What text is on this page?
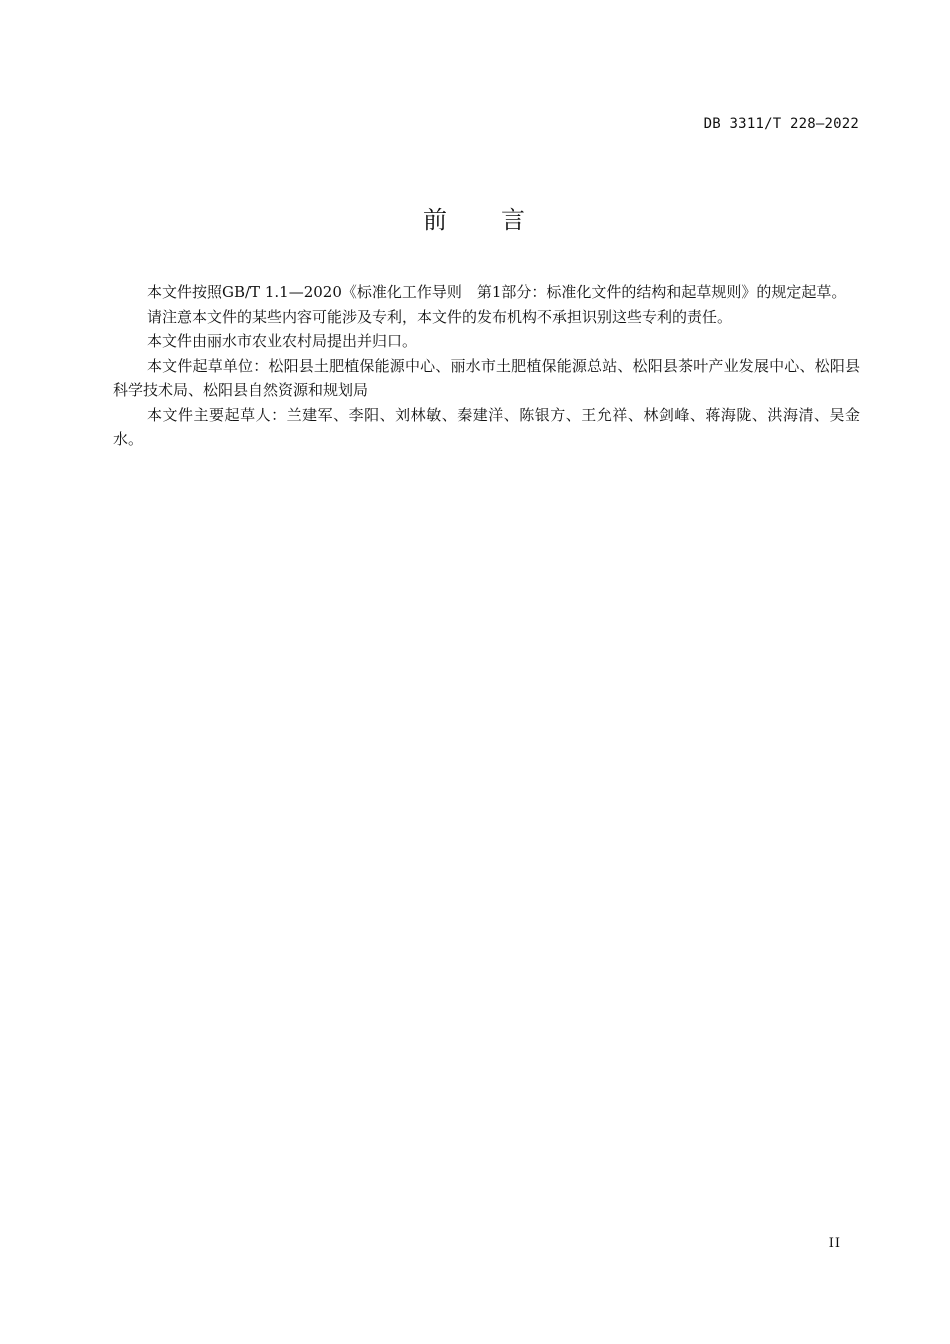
DB 3311/T 228—2022
前 言

本文件按照GB/T 1.1—2020《标准化工作导则　第1部分：标准化文件的结构和起草规则》的规定起草。

请注意本文件的某些内容可能涉及专利，本文件的发布机构不承担识别这些专利的责任。

本文件由丽水市农业农村局提出并归口。

本文件起草单位：松阳县土肥植保能源中心、丽水市土肥植保能源总站、松阳县茶叶产业发展中心、松阳县科学技术局、松阳县自然资源和规划局

本文件主要起草人：兰建军、李阳、刘林敏、秦建洋、陈银方、王允祥、林剑峰、蒋海陇、洪海清、吴金水。

II
